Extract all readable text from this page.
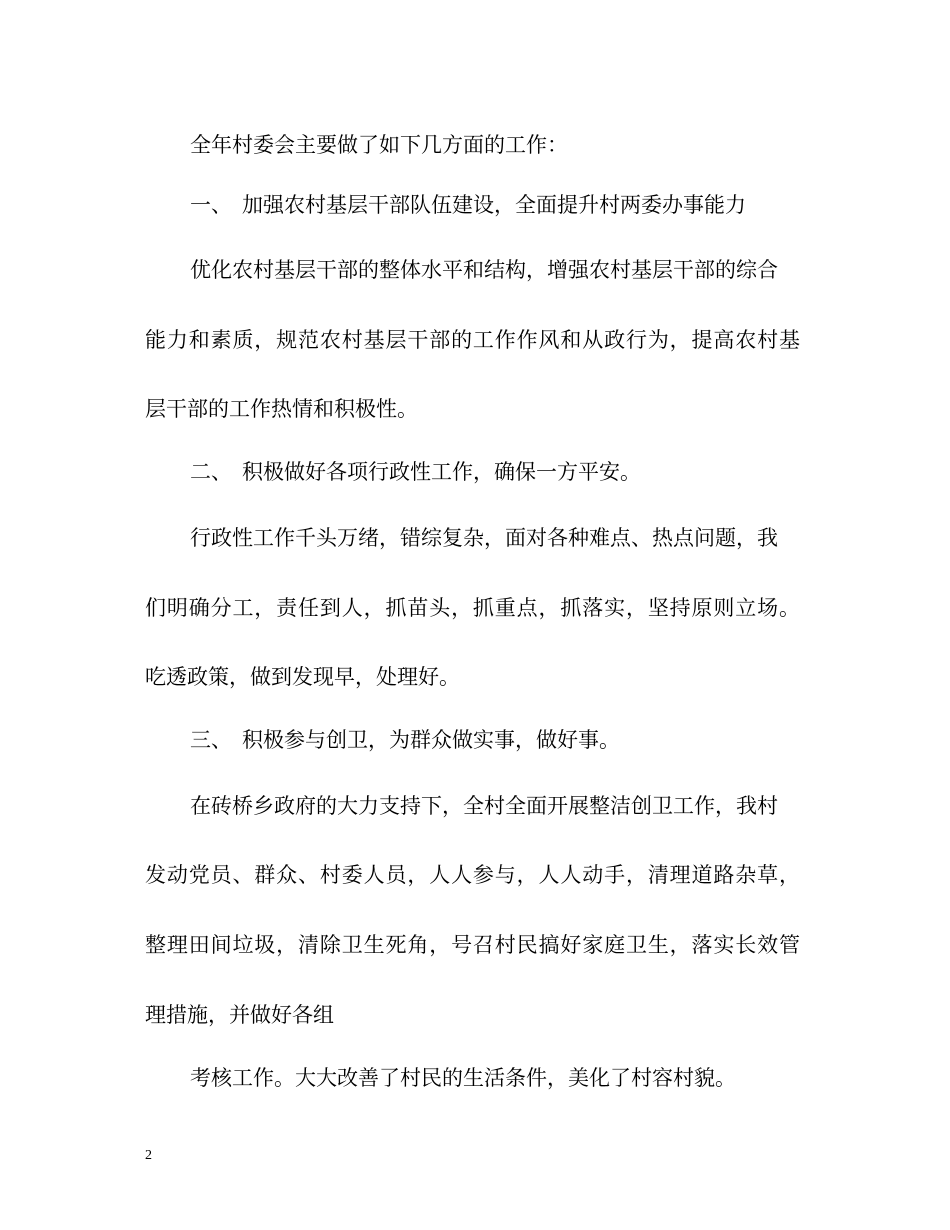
全年村委会主要做了如下几方面的工作：
一、 加强农村基层干部队伍建设，全面提升村两委办事能力
优化农村基层干部的整体水平和结构，增强农村基层干部的综合
能力和素质，规范农村基层干部的工作作风和从政行为，提高农村基
层干部的工作热情和积极性。
二、 积极做好各项行政性工作，确保一方平安。
行政性工作千头万绪，错综复杂，面对各种难点、热点问题，我
们明确分工，责任到人，抓苗头，抓重点，抓落实，坚持原则立场。
吃透政策，做到发现早，处理好。
三、 积极参与创卫，为群众做实事，做好事。
在砖桥乡政府的大力支持下，全村全面开展整洁创卫工作，我村
发动党员、群众、村委人员，人人参与，人人动手，清理道路杂草，
整理田间垃圾，清除卫生死角，号召村民搞好家庭卫生，落实长效管
理措施，并做好各组
考核工作。大大改善了村民的生活条件，美化了村容村貌。
2
